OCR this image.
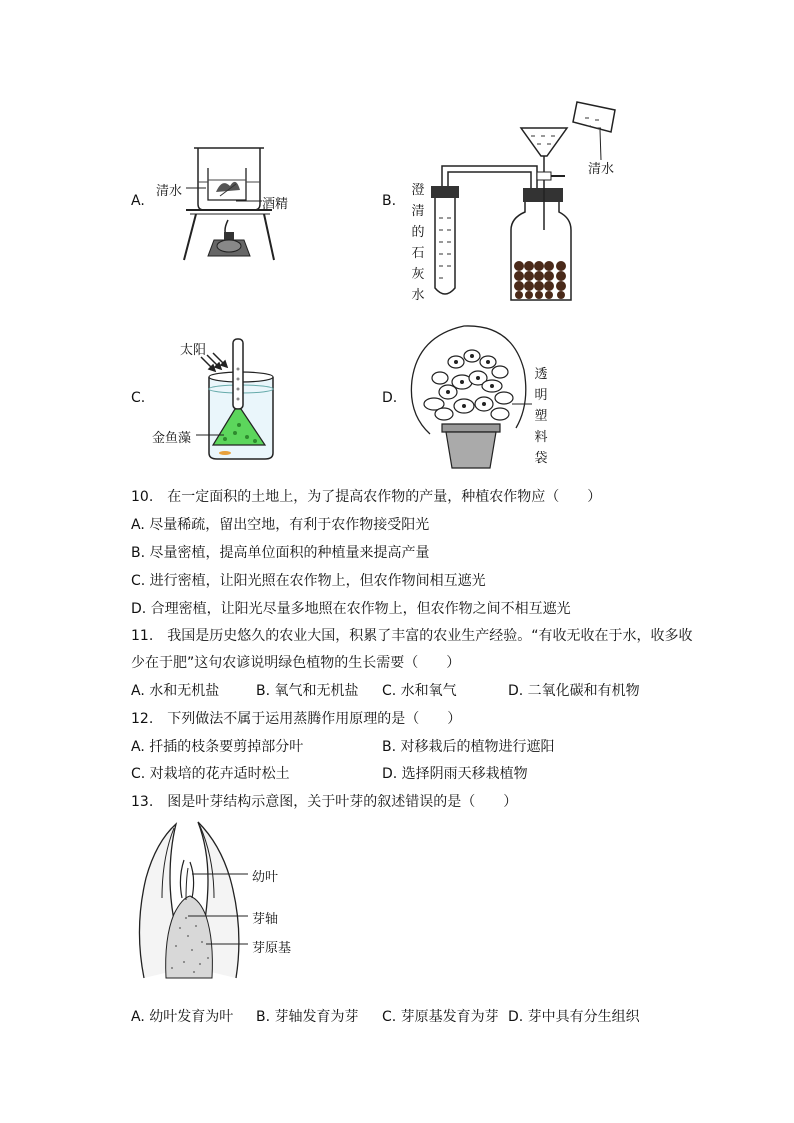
A.
清水
酒精	B.
澄
清
的
石
灰
水
清水
C.
太阳
金鱼藻
D.
透
明
塑
料
袋
10.　在一定面积的土地上，为了提高农作物的产量，种植农作物应（　　）
A. 尽量稀疏，留出空地，有利于农作物接受阳光
B. 尽量密植，提高单位面积的种植量来提高产量
C. 进行密植，让阳光照在农作物上，但农作物间相互遮光
D. 合理密植，让阳光尽量多地照在农作物上，但农作物之间不相互遮光
11.　我国是历史悠久的农业大国，积累了丰富的农业生产经验。“有收无收在于水，收多收
少在于肥”这句农谚说明绿色植物的生长需要（　　）
A. 水和无机盐	B. 氧气和无机盐 C. 水和氧气	D. 二氧化碳和有机物
12.　下列做法不属于运用蒸腾作用原理的是（　　）
A. 扦插的枝条要剪掉部分叶	B. 对移栽后的植物进行遮阳
C. 对栽培的花卉适时松土	D. 选择阴雨天移栽植物
13.　图是叶芽结构示意图，关于叶芽的叙述错误的是（　　）
幼叶
芽轴
芽原基
A. 幼叶发育为叶 B. 芽轴发育为芽 C. 芽原基发育为芽 D. 芽中具有分生组织
